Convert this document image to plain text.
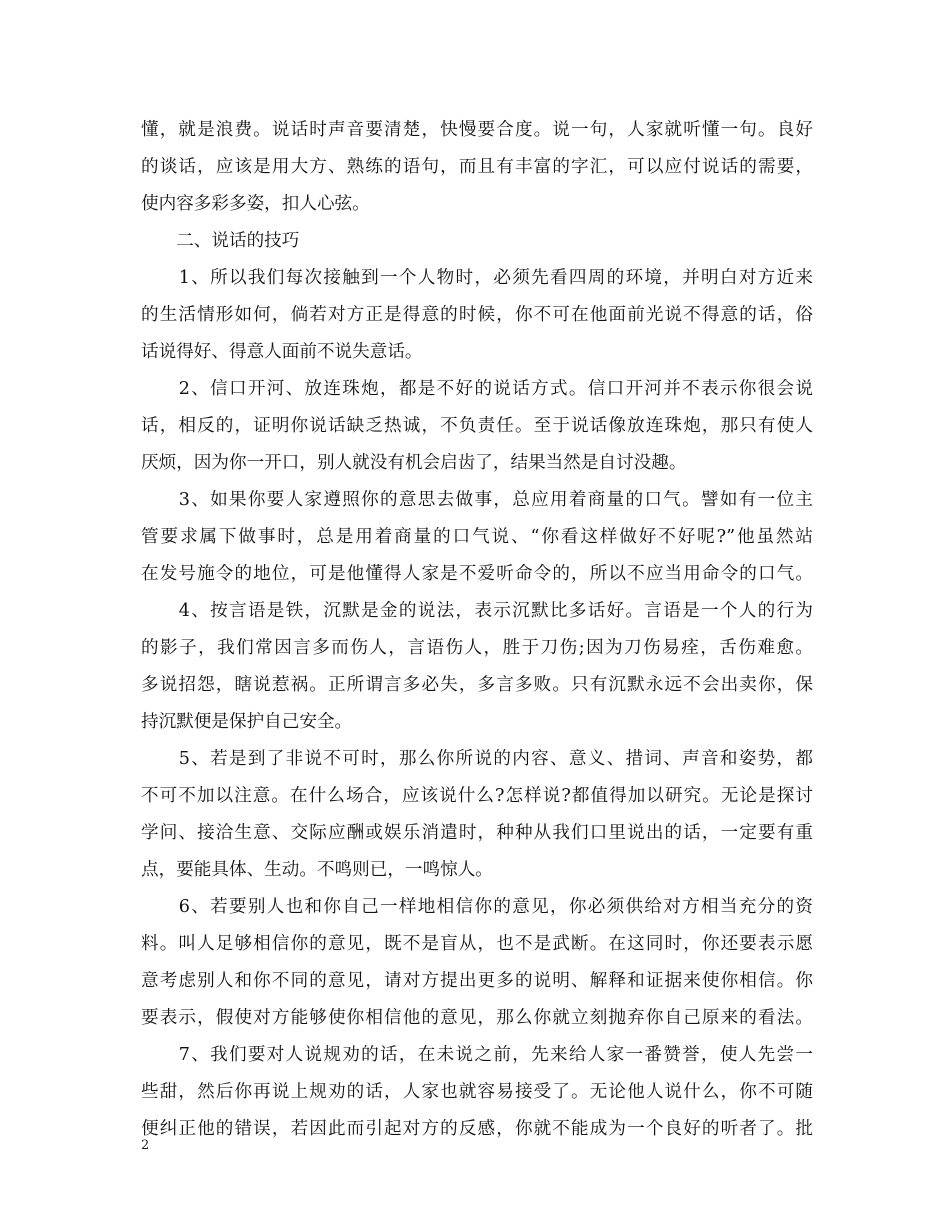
懂，就是浪费。说话时声音要清楚，快慢要合度。说一句，人家就听懂一句。良好
的谈话，应该是用大方、熟练的语句，而且有丰富的字汇，可以应付说话的需要，
使内容多彩多姿，扣人心弦。
　　二、说话的技巧
　　1、所以我们每次接触到一个人物时，必须先看四周的环境，并明白对方近来
的生活情形如何，倘若对方正是得意的时候，你不可在他面前光说不得意的话，俗
话说得好、得意人面前不说失意话。
　　2、信口开河、放连珠炮，都是不好的说话方式。信口开河并不表示你很会说
话，相反的，证明你说话缺乏热诚，不负责任。至于说话像放连珠炮，那只有使人
厌烦，因为你一开口，别人就没有机会启齿了，结果当然是自讨没趣。
　　3、如果你要人家遵照你的意思去做事，总应用着商量的口气。譬如有一位主
管要求属下做事时，总是用着商量的口气说、“你看这样做好不好呢?”他虽然站
在发号施令的地位，可是他懂得人家是不爱听命令的，所以不应当用命令的口气。
　　4、按言语是铁，沉默是金的说法，表示沉默比多话好。言语是一个人的行为
的影子，我们常因言多而伤人，言语伤人，胜于刀伤;因为刀伤易痊，舌伤难愈。
多说招怨，瞎说惹祸。正所谓言多必失，多言多败。只有沉默永远不会出卖你，保
持沉默便是保护自己安全。
　　5、若是到了非说不可时，那么你所说的内容、意义、措词、声音和姿势，都
不可不加以注意。在什么场合，应该说什么?怎样说?都值得加以研究。无论是探讨
学问、接洽生意、交际应酬或娱乐消遣时，种种从我们口里说出的话，一定要有重
点，要能具体、生动。不鸣则已，一鸣惊人。
　　6、若要别人也和你自己一样地相信你的意见，你必须供给对方相当充分的资
料。叫人足够相信你的意见，既不是盲从，也不是武断。在这同时，你还要表示愿
意考虑别人和你不同的意见，请对方提出更多的说明、解释和证据来使你相信。你
要表示，假使对方能够使你相信他的意见，那么你就立刻抛弃你自己原来的看法。
　　7、我们要对人说规劝的话，在未说之前，先来给人家一番赞誉，使人先尝一
些甜，然后你再说上规劝的话，人家也就容易接受了。无论他人说什么，你不可随
便纠正他的错误，若因此而引起对方的反感，你就不能成为一个良好的听者了。批
2
